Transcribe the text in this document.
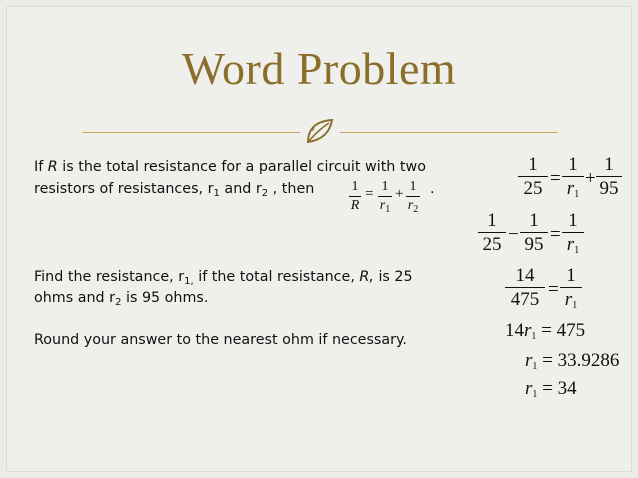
Word Problem
If R is the total resistance for a parallel circuit with two
resistors of resistances, $r_1$ and $r_2$ , then	1
R
= 1
$r_1$
+ 1
$r_2$
.
Find the resistance, $r_{1,}$ if the total resistance, R, is 25
ohms and $r_2$ is 95 ohms.
Round your answer to the nearest ohm if necessary.
1
25 =
1
$r_1$
+
1
95
1
25 −
1
95 =
1
$r_1$
14
475 =
1
$r_1$
$14r_1 = 475$
$r_1 = 33.9286$
$r_1 = 34$
